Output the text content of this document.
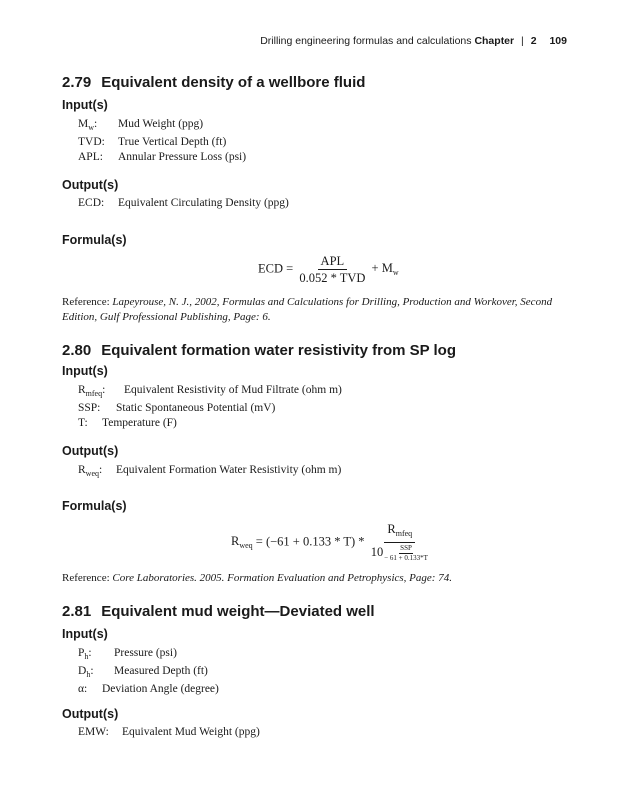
Drilling engineering formulas and calculations Chapter | 2 109
2.79 Equivalent density of a wellbore fluid
Input(s)
$M_w$: Mud Weight (ppg)
TVD: True Vertical Depth (ft)
APL: Annular Pressure Loss (psi)
Output(s)
ECD: Equivalent Circulating Density (ppg)
Formula(s)
ECD = $\frac{\text{APL}}{\text{0.052 * TVD}} + M_w$
Reference: Lapeyrouse, N. J., 2002, Formulas and Calculations for Drilling, Production and Workover, Second Edition, Gulf Professional Publishing, Page: 6.
2.80 Equivalent formation water resistivity from SP log
Input(s)
$R_{mfeq}$: Equivalent Resistivity of Mud Filtrate (ohm m)
SSP: Static Spontaneous Potential (mV)
T: Temperature (F)
Output(s)
$R_{weq}$: Equivalent Formation Water Resistivity (ohm m)
Formula(s)
$R_{weq} = (-61 + 0.133 * T) * \frac{R_{mfeq}}{10 \frac{\text{SSP}}{- 61 + 0.133*T}}$
Reference: Core Laboratories. 2005. Formation Evaluation and Petrophysics, Page: 74.
2.81 Equivalent mud weight—Deviated well
Input(s)
$P_h$: Pressure (psi)
$D_h$: Measured Depth (ft)
α: Deviation Angle (degree)
Output(s)
EMW: Equivalent Mud Weight (ppg)
